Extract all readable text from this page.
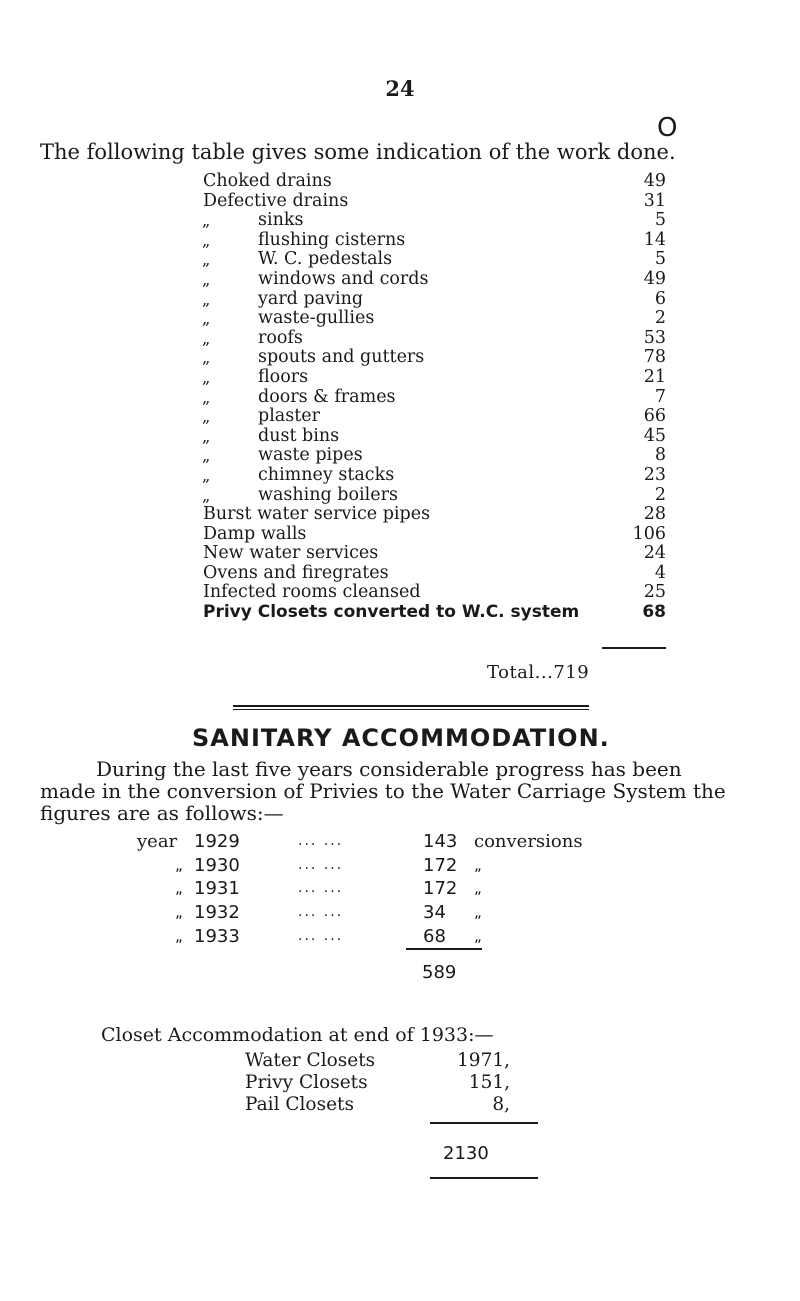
24
O
The following table gives some indication of the work done.
Choked drains	49
Defective drains	31
„	sinks	5
„	flushing cisterns	14
„	W. C. pedestals	5
„	windows and cords	49
„	yard paving	6
„	waste-gullies	2
„	roofs	53
„	spouts and gutters	78
„	floors	21
„	doors & frames	7
„	plaster	66
„	dust bins	45
„	waste pipes	8
„	chimney stacks	23
„	washing boilers	2
Burst water service pipes	28
Damp walls	106
New water services	24
Ovens and firegrates	4
Infected rooms cleansed	25
Privy Closets converted to W.C. system	68
Total...719
SANITARY ACCOMMODATION.
During the last five years considerable progress has been
made in the conversion of Privies to the Water Carriage System the
figures are as follows:—
year 1929	... ...	143 conversions
„ 1930	... ...	172 „
„ 1931	... ...	172 „
„ 1932	... ...	34 „
„ 1933	... ...	68 „
589
Closet Accommodation at end of 1933:—
Water Closets	1971,
Privy Closets	151,
Pail Closets	8,
2130
